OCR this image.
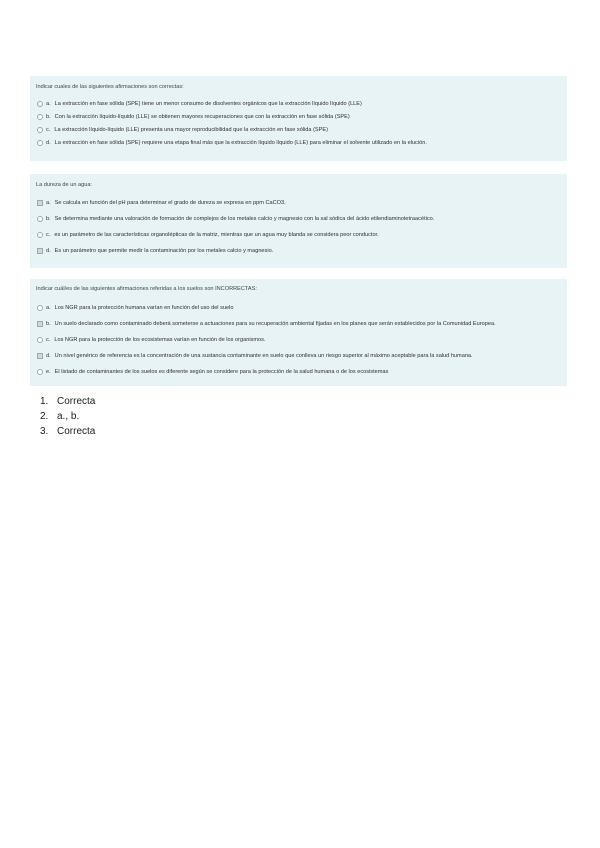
Indicar cuales de las siguientes afirmaciones son correctas:
a. La extracción en fase sólida (SPE) tiene un menor consumo de disolventes orgánicos que la extracción líquido líquido (LLE)
b. Con la extracción líquido-líquido (LLE) se obtienen mayores recuperaciones que con la extracción en fase sólida (SPE)
c. La extracción líquido-líquido (LLE) presenta una mayor reproducibilidad que la extracción en fase sólida (SPE)
d. La extracción en fase sólida (SPE) requiere una etapa final más que la extracción líquido líquido (LLE) para eliminar el solvente utilizado en la elución.
La dureza de un agua:
a. Se calcula en función del pH para determinar el grado de dureza se expresa en ppm CaCO3.
b. Se determina mediante una valoración de formación de complejos de los metales calcio y magnesio con la sal sódica del ácido etilendiaminotetraacético.
c. es un parámetro de las características organolépticas de la matriz, mientras que un agua muy blanda se considera peor conductor.
d. Es un parámetro que permite medir la contaminación por los metales calcio y magnesio.
Indicar cuál/es de las siguientes afirmaciones referidas a los suelos son INCORRECTAS:
a. Los NGR para la protección humana varían en función del uso del suelo
b. Un suelo declarado como contaminado deberá someterse a actuaciones para su recuperación ambiental fijadas en los planes que serán establecidos por la Comunidad Europea.
c. Los NGR para la protección de los ecosistemas varían en función de los organismos.
d. Un nivel genérico de referencia es la concentración de una sustancia contaminante en suelo que conlleva un riesgo superior al máximo aceptable para la salud humana.
e. El listado de contaminantes de los suelos es diferente según se considere para la protección de la salud humana o de los ecosistemas
1. Correcta
2. a., b.
3. Correcta
